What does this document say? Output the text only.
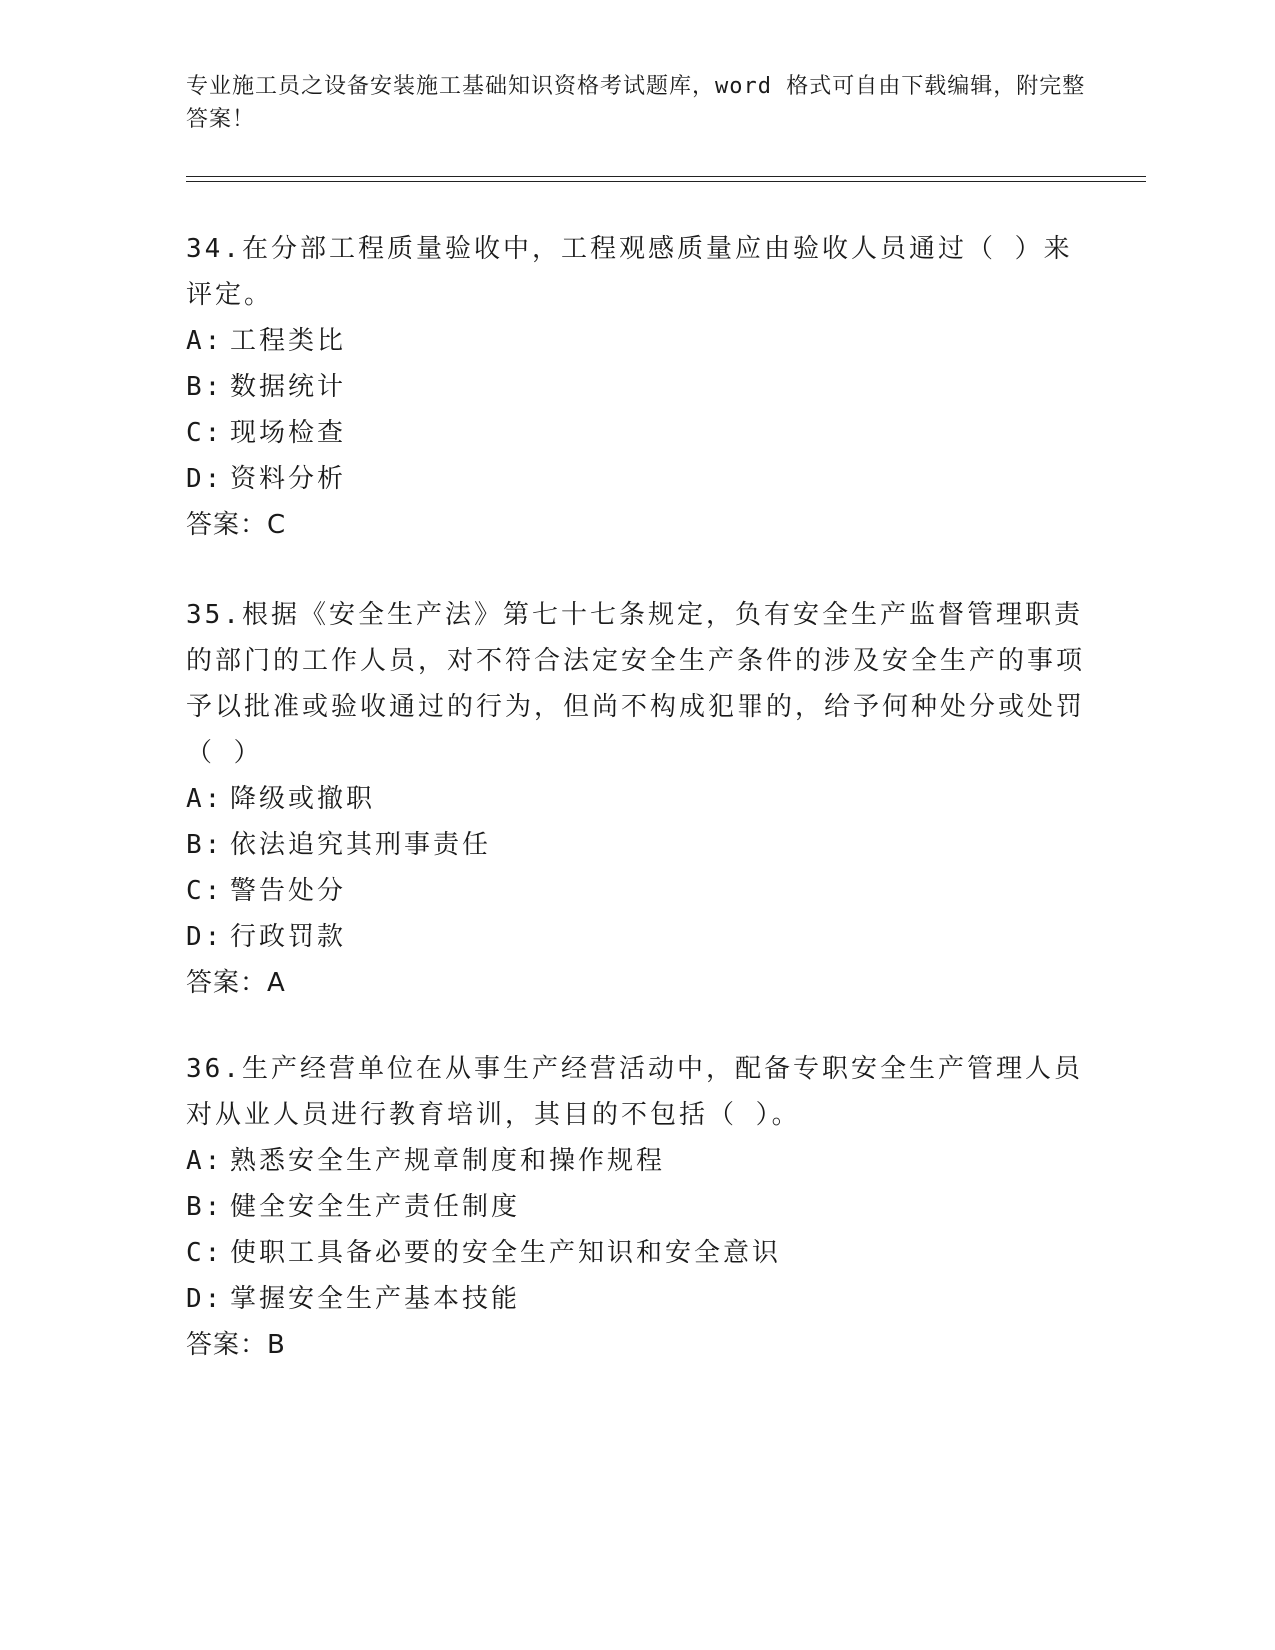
专业施工员之设备安装施工基础知识资格考试题库，word 格式可自由下载编辑，附完整答案！
34.在分部工程质量验收中，工程观感质量应由验收人员通过（ ）来评定。
A: 工程类比
B: 数据统计
C: 现场检查
D: 资料分析
答案：C
35.根据《安全生产法》第七十七条规定，负有安全生产监督管理职责的部门的工作人员，对不符合法定安全生产条件的涉及安全生产的事项予以批准或验收通过的行为，但尚不构成犯罪的，给予何种处分或处罚（ ）
A: 降级或撤职
B: 依法追究其刑事责任
C: 警告处分
D: 行政罚款
答案：A
36.生产经营单位在从事生产经营活动中，配备专职安全生产管理人员对从业人员进行教育培训，其目的不包括（ ）。
A: 熟悉安全生产规章制度和操作规程
B: 健全安全生产责任制度
C: 使职工具备必要的安全生产知识和安全意识
D: 掌握安全生产基本技能
答案：B
